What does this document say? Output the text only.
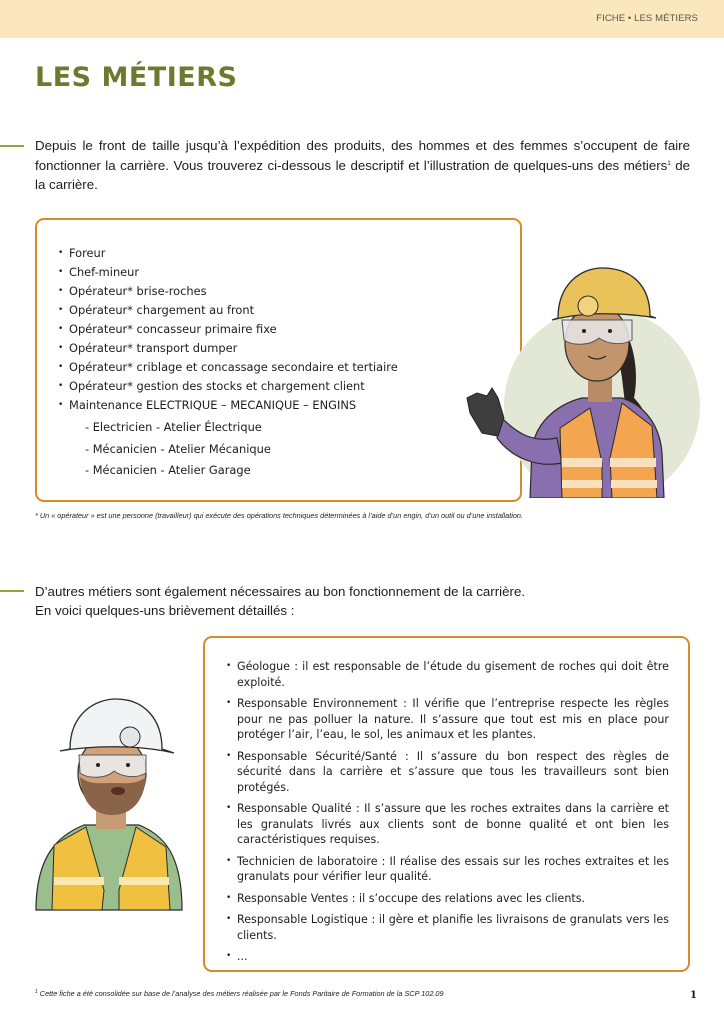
FICHE • LES MÉTIERS
LES MÉTIERS

Depuis le front de taille jusqu’à l’expédition des produits, des hommes et des femmes s’occupent de faire fonctionner la carrière. Vous trouverez ci-dessous le descriptif et l’illustration de quelques-uns des métiers$^1$ de la carrière.

• Foreur
• Chef-mineur
• Opérateur* brise-roches
• Opérateur* chargement au front
• Opérateur* concasseur primaire fixe
• Opérateur* transport dumper
• Opérateur* criblage et concassage secondaire et tertiaire
• Opérateur* gestion des stocks et chargement client
• Maintenance ELECTRIQUE – MECANIQUE – ENGINS
- Electricien - Atelier Électrique
- Mécanicien - Atelier Mécanique
- Mécanicien - Atelier Garage

* Un « opérateur » est une personne (travailleur) qui exécute des opérations techniques déterminées à l’aide d’un engin, d’un outil ou d’une installation.

D’autres métiers sont également nécessaires au bon fonctionnement de la carrière.
En voici quelques-uns brièvement détaillés :
• Géologue : il est responsable de l’étude du gisement de roches qui doit être exploité.
• Responsable Environnement : Il vérifie que l’entreprise respecte les règles pour ne pas polluer la nature. Il s’assure que tout est mis en place pour protéger l’air, l’eau, le sol, les animaux et les plantes.
• Responsable Sécurité/Santé : Il s’assure du bon respect des règles de sécurité dans la carrière et s’assure que tous les travailleurs sont bien protégés.
• Responsable Qualité : Il s’assure que les roches extraites dans la carrière et les granulats livrés aux clients sont de bonne qualité et ont bien les caractéristiques requises.
• Technicien de laboratoire : Il réalise des essais sur les roches extraites et les granulats pour vérifier leur qualité.
• Responsable Ventes : il s’occupe des relations avec les clients.
• Responsable Logistique : il gère et planifie les livraisons de granulats vers les clients.
• ...

$^1$ Cette fiche a été consolidée sur base de l’analyse des métiers réalisée par le Fonds Paritaire de Formation de la SCP 102.09	1
